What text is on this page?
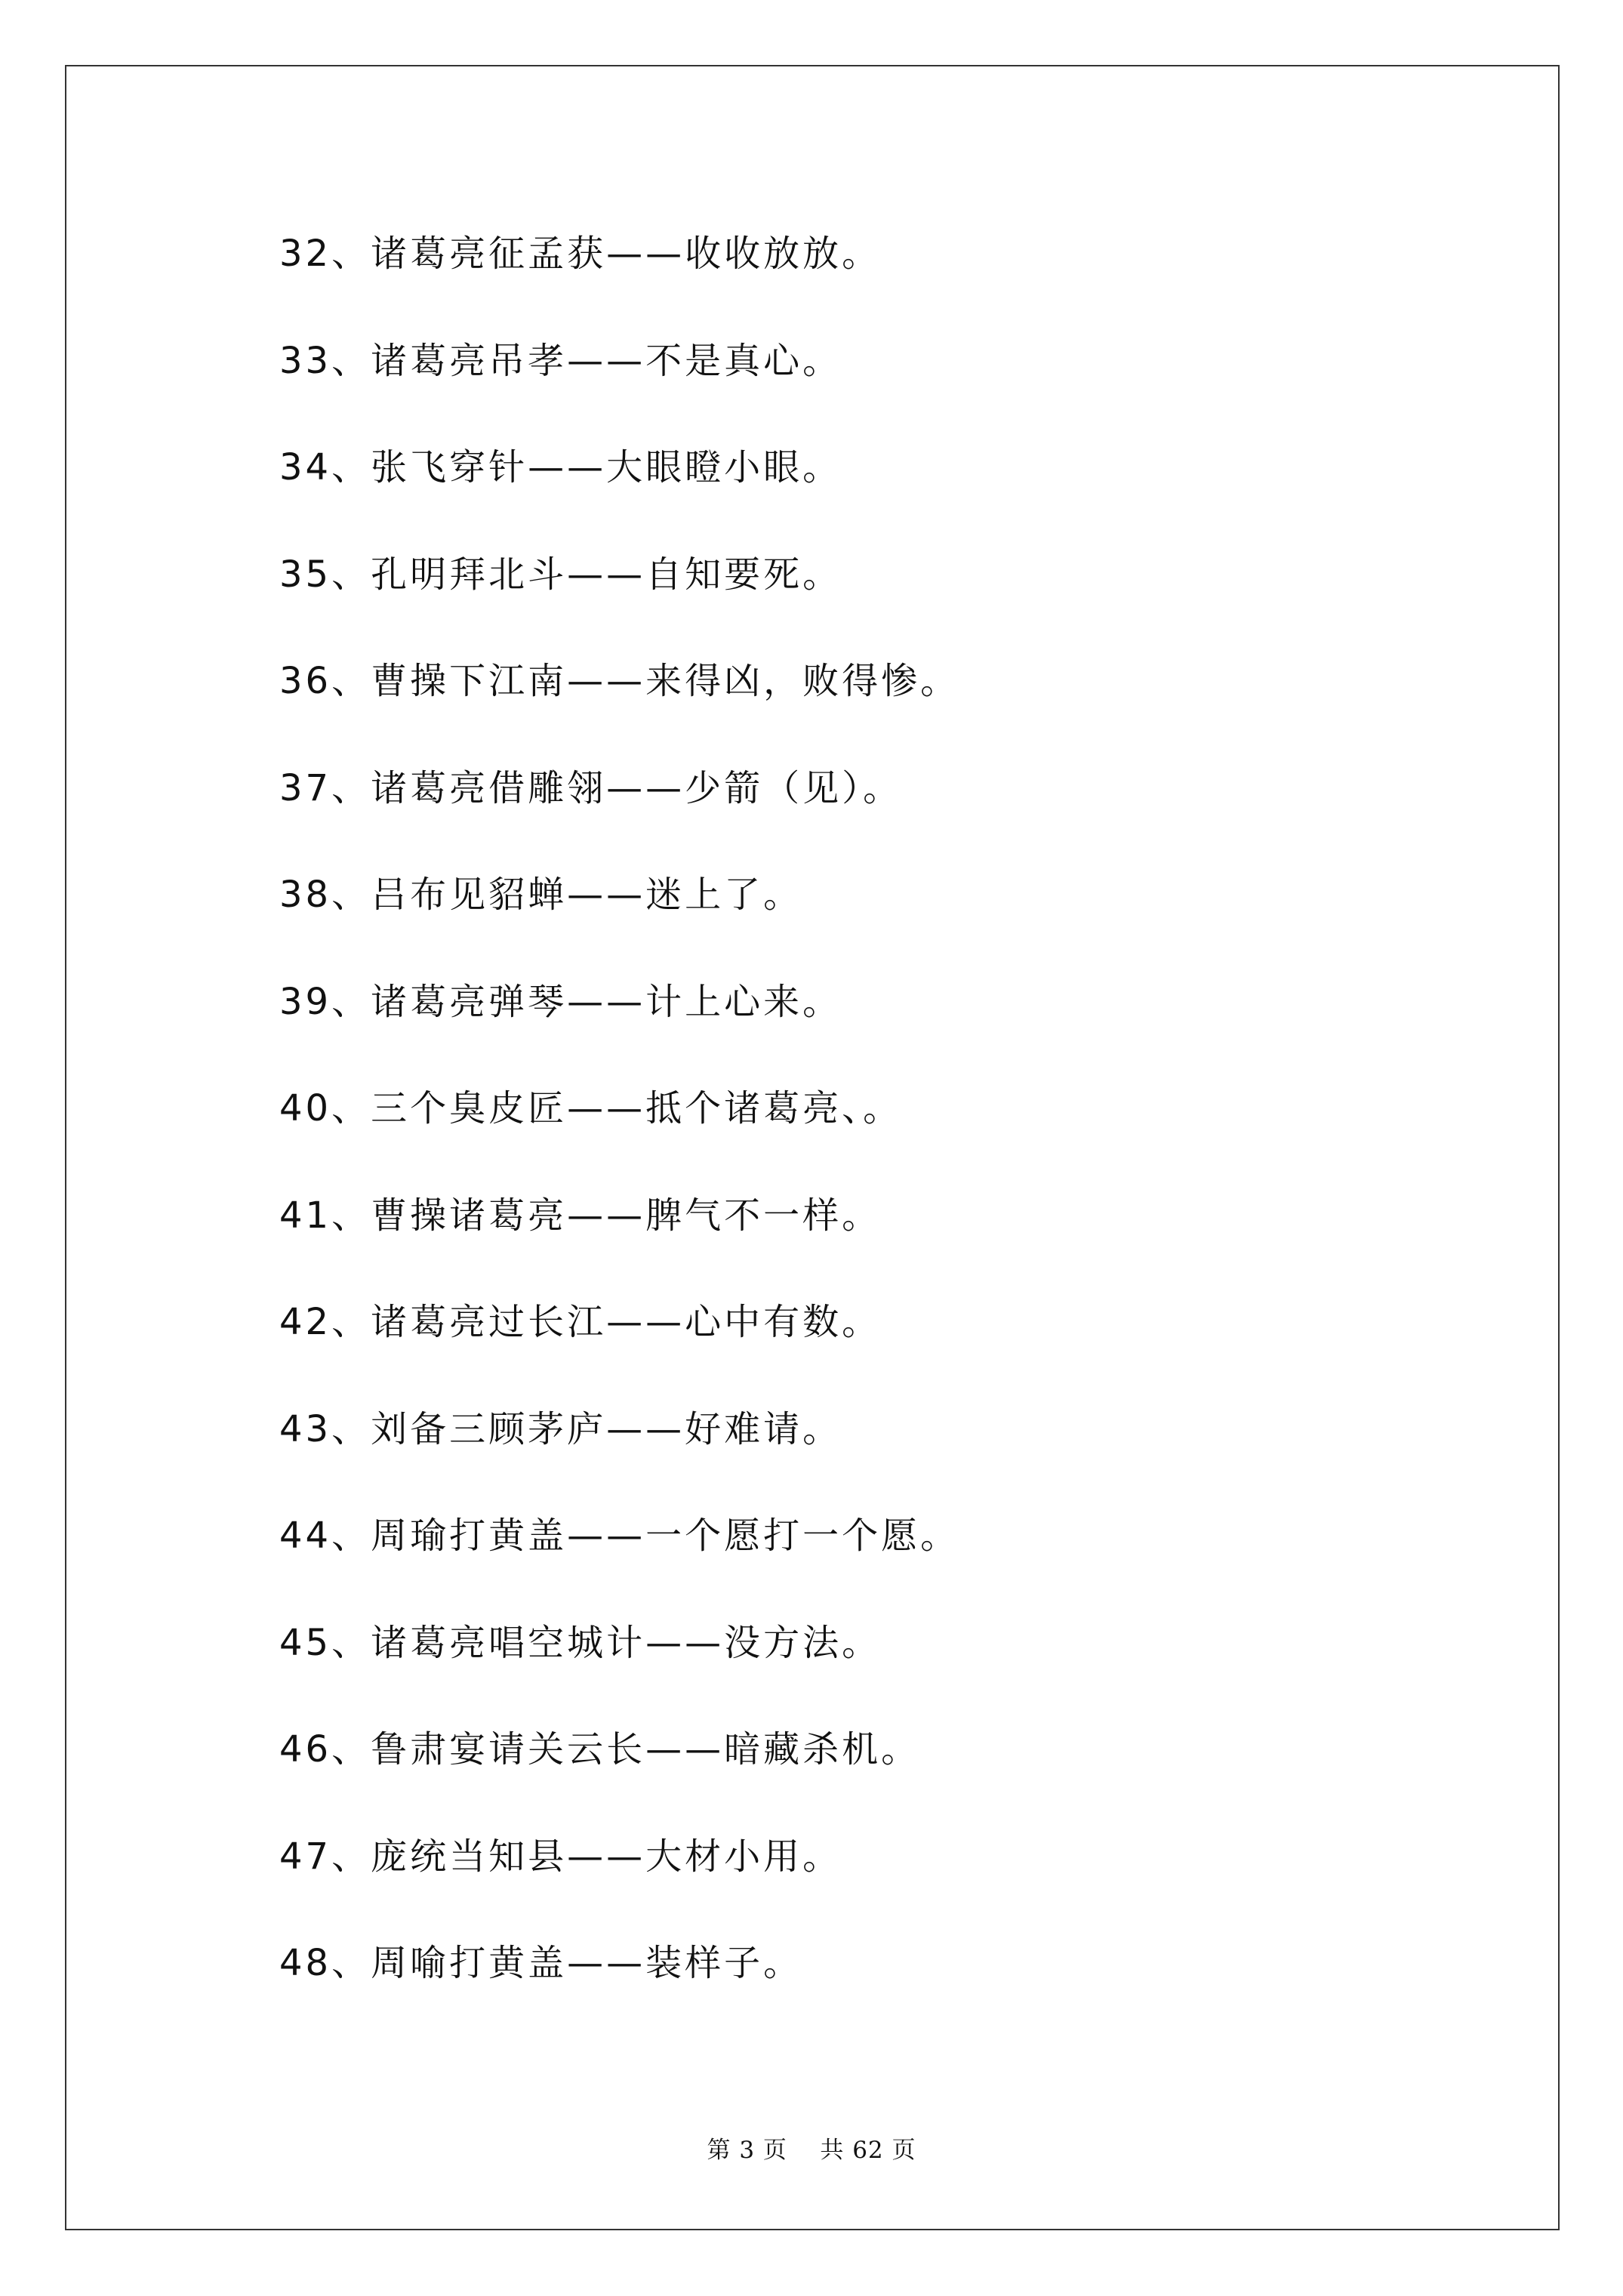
32、诸葛亮征孟获——收收放放。
33、诸葛亮吊孝——不是真心。
34、张飞穿针——大眼瞪小眼。
35、孔明拜北斗——自知要死。
36、曹操下江南——来得凶，败得惨。
37、诸葛亮借雕翎——少箭（见）。
38、吕布见貂蝉——迷上了。
39、诸葛亮弹琴——计上心来。
40、三个臭皮匠——抵个诸葛亮、。
41、曹操诸葛亮——脾气不一样。
42、诸葛亮过长江——心中有数。
43、刘备三顾茅庐——好难请。
44、周瑜打黄盖——一个愿打一个愿。
45、诸葛亮唱空城计——没方法。
46、鲁肃宴请关云长——暗藏杀机。
47、庞统当知县——大材小用。
48、周喻打黄盖——装样子。
第 3 页 共 62 页
